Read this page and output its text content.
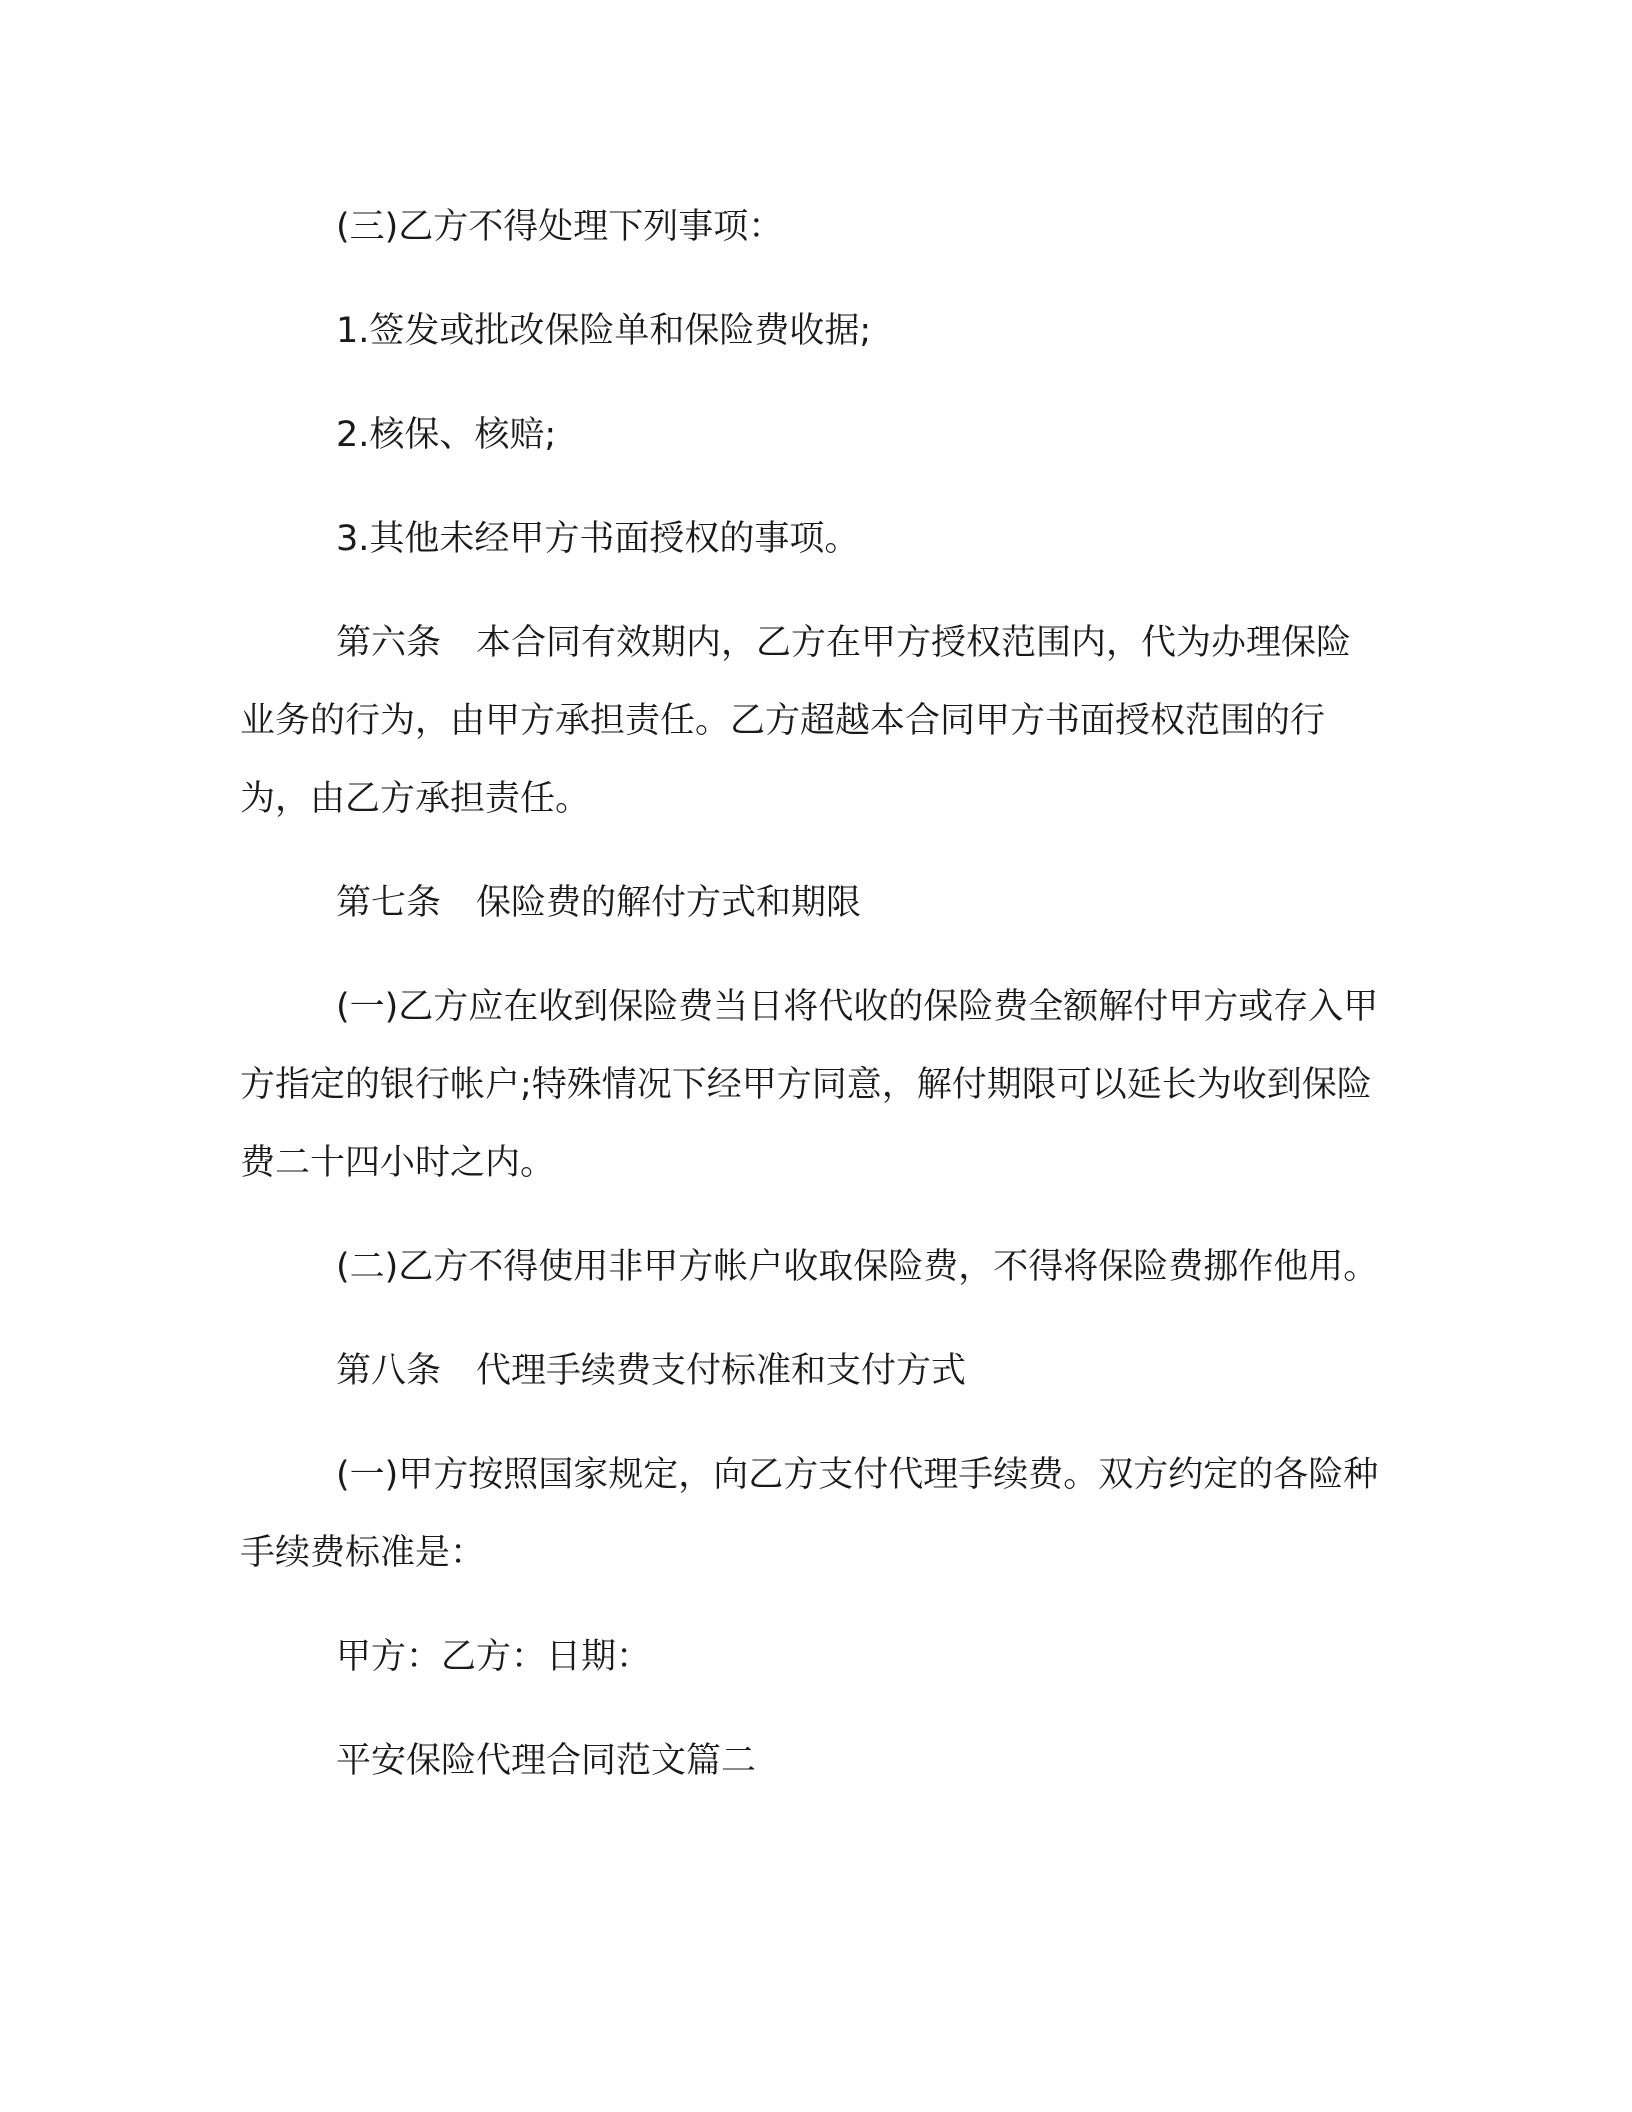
(三)乙方不得处理下列事项：

1.签发或批改保险单和保险费收据;

2.核保、核赔;

3.其他未经甲方书面授权的事项。

第六条　本合同有效期内，乙方在甲方授权范围内，代为办理保险业务的行为，由甲方承担责任。乙方超越本合同甲方书面授权范围的行为，由乙方承担责任。

第七条　保险费的解付方式和期限

(一)乙方应在收到保险费当日将代收的保险费全额解付甲方或存入甲方指定的银行帐户;特殊情况下经甲方同意，解付期限可以延长为收到保险费二十四小时之内。

(二)乙方不得使用非甲方帐户收取保险费，不得将保险费挪作他用。

第八条　代理手续费支付标准和支付方式

(一)甲方按照国家规定，向乙方支付代理手续费。双方约定的各险种手续费标准是：

甲方：乙方：日期：

平安保险代理合同范文篇二
